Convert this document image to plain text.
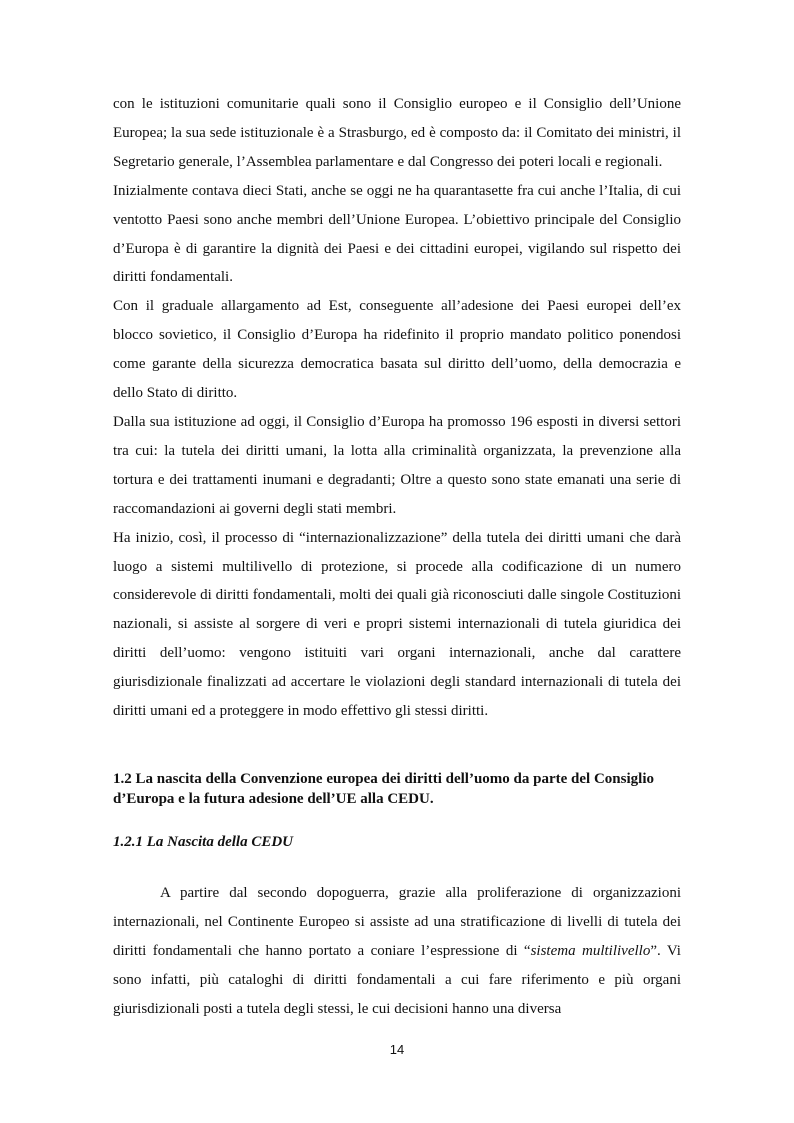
con le istituzioni comunitarie quali sono il Consiglio europeo e il Consiglio dell’Unione Europea; la sua sede istituzionale è a Strasburgo, ed è composto da: il Comitato dei ministri, il Segretario generale, l’Assemblea parlamentare e dal Congresso dei poteri locali e regionali.

Inizialmente contava dieci Stati, anche se oggi ne ha quarantasette fra cui anche l’Italia, di cui ventotto Paesi sono anche membri dell’Unione Europea. L’obiettivo principale del Consiglio d’Europa è di garantire la dignità dei Paesi e dei cittadini europei, vigilando sul rispetto dei diritti fondamentali.

Con il graduale allargamento ad Est, conseguente all’adesione dei Paesi europei dell’ex blocco sovietico, il Consiglio d’Europa ha ridefinito il proprio mandato politico ponendosi come garante della sicurezza democratica basata sul diritto dell’uomo, della democrazia e dello Stato di diritto.

Dalla sua istituzione ad oggi, il Consiglio d’Europa ha promosso 196 esposti in diversi settori tra cui: la tutela dei diritti umani, la lotta alla criminalità organizzata, la prevenzione alla tortura e dei trattamenti inumani e degradanti; Oltre a questo sono state emanati una serie di raccomandazioni ai governi degli stati membri.

Ha inizio, così, il processo di “internazionalizzazione” della tutela dei diritti umani che darà luogo a sistemi multilivello di protezione, si procede alla codificazione di un numero considerevole di diritti fondamentali, molti dei quali già riconosciuti dalle singole Costituzioni nazionali, si assiste al sorgere di veri e propri sistemi internazionali di tutela giuridica dei diritti dell’uomo: vengono istituiti vari organi internazionali, anche dal carattere giurisdizionale finalizzati ad accertare le violazioni degli standard internazionali di tutela dei diritti umani ed a proteggere in modo effettivo gli stessi diritti.

1.2 La nascita della Convenzione europea dei diritti dell’uomo da parte del Consiglio d’Europa e la futura adesione dell’UE alla CEDU.
1.2.1 La Nascita della CEDU

A partire dal secondo dopoguerra, grazie alla proliferazione di organizzazioni internazionali, nel Continente Europeo si assiste ad una stratificazione di livelli di tutela dei diritti fondamentali che hanno portato a coniare l’espressione di “sistema multilivello”. Vi sono infatti, più cataloghi di diritti fondamentali a cui fare riferimento e più organi giurisdizionali posti a tutela degli stessi, le cui decisioni hanno una diversa

14
